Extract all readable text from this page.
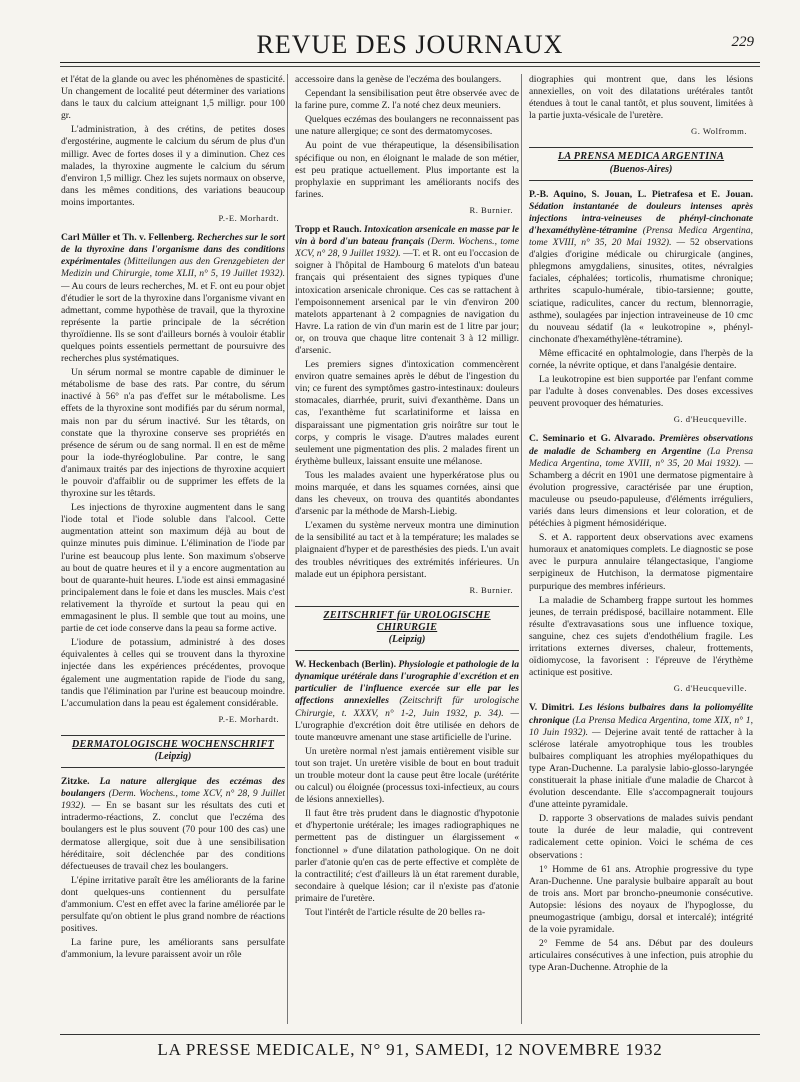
REVUE DES JOURNAUX	229

et l'état de la glande ou avec les phénomènes de spasticité. Un changement de localité peut déterminer des variations dans le taux du calcium atteignant 1,5 milligr. pour 100 gr.

L'administration, à des crétins, de petites doses d'ergostérine, augmente le calcium du sérum de plus d'un milligr. Avec de fortes doses il y a diminution. Chez ces malades, la thyroxine augmente le calcium du sérum d'environ 1,5 milligr. Chez les sujets normaux on observe, dans les mêmes conditions, des variations beaucoup moins importantes.

P.-E. Morhardt.

Carl Müller et Th. v. Fellenberg. Recherches sur le sort de la thyroxine dans l'organisme dans des conditions expérimentales (Mitteilungen aus den Grenzgebieten der Medizin und Chirurgie, tome XLII, n° 5, 19 Juillet 1932). — Au cours de leurs recherches, M. et F. ont eu pour objet d'étudier le sort de la thyroxine dans l'organisme vivant en admettant, comme hypothèse de travail, que la thyroxine représente la partie principale de la sécrétion thyroïdienne. Ils se sont d'ailleurs bornés à vouloir établir quelques points essentiels permettant de poursuivre des recherches plus systématiques.

Un sérum normal se montre capable de diminuer le métabolisme de base des rats. Par contre, du sérum inactivé à 56° n'a pas d'effet sur le métabolisme. Les effets de la thyroxine sont modifiés par du sérum normal, mais non par du sérum inactivé. Sur les têtards, on constate que la thyroxine conserve ses propriétés en présence de sérum ou de sang normal. Il en est de même pour la iode-thyréoglobuline. Par contre, le sang d'animaux traités par des injections de thyroxine acquiert le pouvoir d'affaiblir ou de supprimer les effets de la thyroxine sur les têtards.

Les injections de thyroxine augmentent dans le sang l'iode total et l'iode soluble dans l'alcool. Cette augmentation atteint son maximum déjà au bout de quinze minutes puis diminue. L'élimination de l'iode par l'urine est beaucoup plus lente. Son maximum s'observe au bout de quatre heures et il y a encore augmentation au bout de quarante-huit heures. L'iode est ainsi emmagasiné principalement dans le foie et dans les muscles. Mais c'est relativement la thyroïde et surtout la peau qui en emmagasinent le plus. Il semble que tout au moins, une partie de cet iode conserve dans la peau sa forme active.

L'iodure de potassium, administré à des doses équivalentes à celles qui se trouvent dans la thyroxine injectée dans les expériences précédentes, provoque également une augmentation rapide de l'iode du sang, tandis que l'élimination par l'urine est beaucoup moindre. L'accumulation dans la peau est également considérable.

P.-E. Morhardt.

DERMATOLOGISCHE WOCHENSCHRIFT
(Leipzig)

Zitzke. La nature allergique des eczémas des boulangers (Derm. Wochens., tome XCV, n° 28, 9 Juillet 1932). — En se basant sur les résultats des cuti et intradermo-réactions, Z. conclut que l'eczéma des boulangers est le plus souvent (70 pour 100 des cas) une dermatose allergique, soit due à une sensibilisation héréditaire, soit déclenchée par des conditions défectueuses de travail chez les boulangers.

L'épine irritative paraît être les améliorants de la farine dont quelques-uns contiennent du persulfate d'ammonium. C'est en effet avec la farine améliorée par le persulfate qu'on obtient le plus grand nombre de réactions positives.

La farine pure, les améliorants sans persulfate d'ammonium, la levure paraissent avoir un rôle

accessoire dans la genèse de l'eczéma des boulangers.

Cependant la sensibilisation peut être observée avec de la farine pure, comme Z. l'a noté chez deux meuniers.

Quelques eczémas des boulangers ne reconnaissent pas une nature allergique; ce sont des dermatomycoses.

Au point de vue thérapeutique, la désensibilisation spécifique ou non, en éloignant le malade de son métier, est peu pratique actuellement. Plus importante est la prophylaxie en supprimant les améliorants nocifs des farines.

R. Burnier.

Tropp et Rauch. Intoxication arsenicale en masse par le vin à bord d'un bateau français (Derm. Wochens., tome XCV, n° 28, 9 Juillet 1932). —T. et R. ont eu l'occasion de soigner à l'hôpital de Hambourg 6 matelots d'un bateau français qui présentaient des signes typiques d'une intoxication arsenicale chronique. Ces cas se rattachent à l'empoisonnement arsenical par le vin d'environ 200 matelots appartenant à 2 compagnies de navigation du Havre. La ration de vin d'un marin est de 1 litre par jour; or, on trouva que chaque litre contenait 3 à 12 milligr. d'arsenic.

Les premiers signes d'intoxication commencèrent environ quatre semaines après le début de l'ingestion du vin; ce furent des symptômes gastro-intestinaux: douleurs stomacales, diarrhée, prurit, suivi d'exanthème. Dans un cas, l'exanthème fut scarlatiniforme et laissa en disparaissant une pigmentation gris noirâtre sur tout le corps, y compris le visage. D'autres malades eurent seulement une pigmentation des plis. 2 malades firent un érythème bulleux, laissant ensuite une mélanose.

Tous les malades avaient une hyperkératose plus ou moins marquée, et dans les squames cornées, ainsi que dans les cheveux, on trouva des quantités abondantes d'arsenic par la méthode de Marsh-Liebig.

L'examen du système nerveux montra une diminution de la sensibilité au tact et à la température; les malades se plaignaient d'hyper et de paresthésies des pieds. L'un avait des troubles névritiques des extrémités inférieures. Un malade eut un épiphora persistant.

R. Burnier.

ZEITSCHRIFT für UROLOGISCHE CHIRURGIE
(Leipzig)

W. Heckenbach (Berlin). Physiologie et pathologie de la dynamique urétérale dans l'urographie d'excrétion et en particulier de l'influence exercée sur elle par les affections annexielles (Zeitschrift für urologische Chirurgie, t. XXXV, n° 1-2, Juin 1932, p. 34). — L'urographie d'excrétion doit être utilisée en dehors de toute manœuvre amenant une stase artificielle de l'urine.

Un uretère normal n'est jamais entièrement visible sur tout son trajet. Un uretère visible de bout en bout traduit un trouble moteur dont la cause peut être locale (urétérite ou calcul) ou éloignée (processus toxi-infectieux, au cours de lésions annexielles).

Il faut être très prudent dans le diagnostic d'hypotonie et d'hypertonie urétérale; les images radiographiques ne permettent pas de distinguer un élargissement « fonctionnel » d'une dilatation pathologique. On ne doit parler d'atonie qu'en cas de perte effective et complète de la contractilité; c'est d'ailleurs là un état rarement durable, secondaire à quelque lésion; car il n'existe pas d'atonie primaire de l'uretère.

Tout l'intérêt de l'article résulte de 20 belles ra-

diographies qui montrent que, dans les lésions annexielles, on voit des dilatations urétérales tantôt étendues à tout le canal tantôt, et plus souvent, limitées à la partie juxta-vésicale de l'uretère.

G. Wolfromm.

LA PRENSA MEDICA ARGENTINA
(Buenos-Aires)

P.-B. Aquino, S. Jouan, L. Pietrafesa et E. Jouan. Sédation instantanée de douleurs intenses après injections intra-veineuses de phényl-cinchonate d'hexaméthylène-tétramine (Prensa Medica Argentina, tome XVIII, n° 35, 20 Mai 1932). — 52 observations d'algies d'origine médicale ou chirurgicale (angines, phlegmons amygdaliens, sinusites, otites, névralgies faciales, céphalées; torticolis, rhumatisme chronique; arthrites scapulo-humérale, tibio-tarsienne; goutte, sciatique, radiculites, cancer du rectum, blennorragie, asthme), soulagées par injection intraveineuse de 10 cmc du nouveau sédatif (la « leukotropine », phényl-cinchonate d'hexaméthylène-tétramine).

Même efficacité en ophtalmologie, dans l'herpès de la cornée, la névrite optique, et dans l'analgésie dentaire.

La leukotropine est bien supportée par l'enfant comme par l'adulte à doses convenables. Des doses excessives peuvent provoquer des hématuries.

G. d'Heucqueville.

C. Seminario et G. Alvarado. Premières observations de maladie de Schamberg en Argentine (La Prensa Medica Argentina, tome XVIII, n° 35, 20 Mai 1932). — Schamberg a décrit en 1901 une dermatose pigmentaire à évolution progressive, caractérisée par une éruption, maculeuse ou pseudo-papuleuse, d'éléments irréguliers, variés dans leurs dimensions et leur coloration, et de pétéchies à pigment hémosidérique.

S. et A. rapportent deux observations avec examens humoraux et anatomiques complets. Le diagnostic se pose avec le purpura annulaire télangectasique, l'angiome serpigineux de Hutchison, la dermatose pigmentaire purpurique des membres inférieurs.

La maladie de Schamberg frappe surtout les hommes jeunes, de terrain prédisposé, bacillaire notamment. Elle résulte d'extravasations sous une influence toxique, sanguine, chez ces sujets d'endothélium fragile. Les irritations externes diverses, chaleur, frottements, oïdiomycose, la favorisent : l'épreuve de l'érythème actinique est positive.

G. d'Heucqueville.

V. Dimitri. Les lésions bulbaires dans la poliomyélite chronique (La Prensa Medica Argentina, tome XIX, n° 1, 10 Juin 1932). — Dejerine avait tenté de rattacher à la sclérose latérale amyotrophique tous les troubles bulbaires compliquant les atrophies myélopathiques du type Aran-Duchenne. La paralysie labio-glosso-laryngée constituerait la phase initiale d'une maladie de Charcot à évolution descendante. Elle s'accompagnerait toujours d'une atteinte pyramidale.

D. rapporte 3 observations de malades suivis pendant toute la durée de leur maladie, qui contrevent radicalement cette opinion. Voici le schéma de ces observations :

1° Homme de 61 ans. Atrophie progressive du type Aran-Duchenne. Une paralysie bulbaire apparaît au bout de trois ans. Mort par broncho-pneumonie consécutive. Autopsie: lésions des noyaux de l'hypoglosse, du pneumogastrique (ambigu, dorsal et intercalé); intégrité de la voie pyramidale.

2° Femme de 54 ans. Début par des douleurs articulaires consécutives à une infection, puis atrophie du type Aran-Duchenne. Atrophie de la

LA PRESSE MEDICALE, N° 91, SAMEDI, 12 NOVEMBRE 1932
